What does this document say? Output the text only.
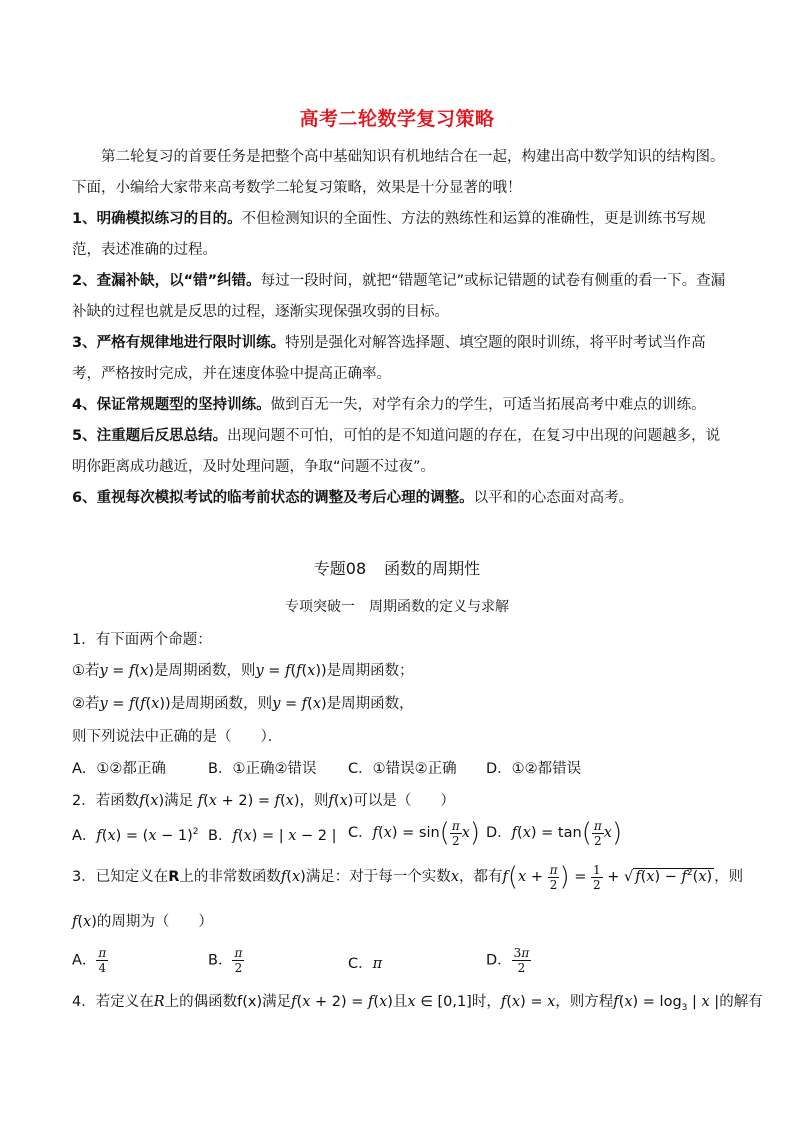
高考二轮数学复习策略
第二轮复习的首要任务是把整个高中基础知识有机地结合在一起，构建出高中数学知识的结构图。下面，小编给大家带来高考数学二轮复习策略，效果是十分显著的哦！
1、明确模拟练习的目的。不但检测知识的全面性、方法的熟练性和运算的准确性，更是训练书写规范，表述准确的过程。
2、查漏补缺，以“错”纠错。每过一段时间，就把“错题笔记”或标记错题的试卷有侧重的看一下。查漏补缺的过程也就是反思的过程，逐渐实现保强攻弱的目标。
3、严格有规律地进行限时训练。特别是强化对解答选择题、填空题的限时训练，将平时考试当作高考，严格按时完成，并在速度体验中提高正确率。
4、保证常规题型的坚持训练。做到百无一失，对学有余力的学生，可适当拓展高考中难点的训练。
5、注重题后反思总结。出现问题不可怕，可怕的是不知道问题的存在，在复习中出现的问题越多，说明你距离成功越近，及时处理问题，争取“问题不过夜”。
6、重视每次模拟考试的临考前状态的调整及考后心理的调整。以平和的心态面对高考。
专题08 函数的周期性
专项突破一 周期函数的定义与求解
1．有下面两个命题：
①若y = f(x)是周期函数，则y = f(f(x))是周期函数；
②若y = f(f(x))是周期函数，则y = f(x)是周期函数，
则下列说法中正确的是（　　）．
A．①②都正确	B．①正确②错误 C．①错误②正确 D．①②都错误
2．若函数f(x)满足 f(x + 2) = f(x)，则f(x)可以是（　　）
A．$f(x) = (x - 1)^2$ B．f(x) = | x − 2 | C．$f(x) = \sin( \frac{\pi}{2} x)$ D．$f(x) = \tan( \frac{\pi}{2} x)$
3．已知定义在R上的非常数函数f(x)满足：对于每一个实数x，都有$f(x + \frac{\pi}{2}$ ) = $\frac{1}{2}$ + √ $f(x) - f^2(x)$ ，则
f(x)的周期为（　　）
A． $\frac{\pi}{4}$	B． $\frac{\pi}{2}$	C．π	D． $\frac{3\pi}{2}$
4．若定义在R上的偶函数f(x)满足f(x + 2) = f(x)且x ∈ [0,1]时，f(x) = x，则方程$f(x) = \log_3$ | x |的解有
